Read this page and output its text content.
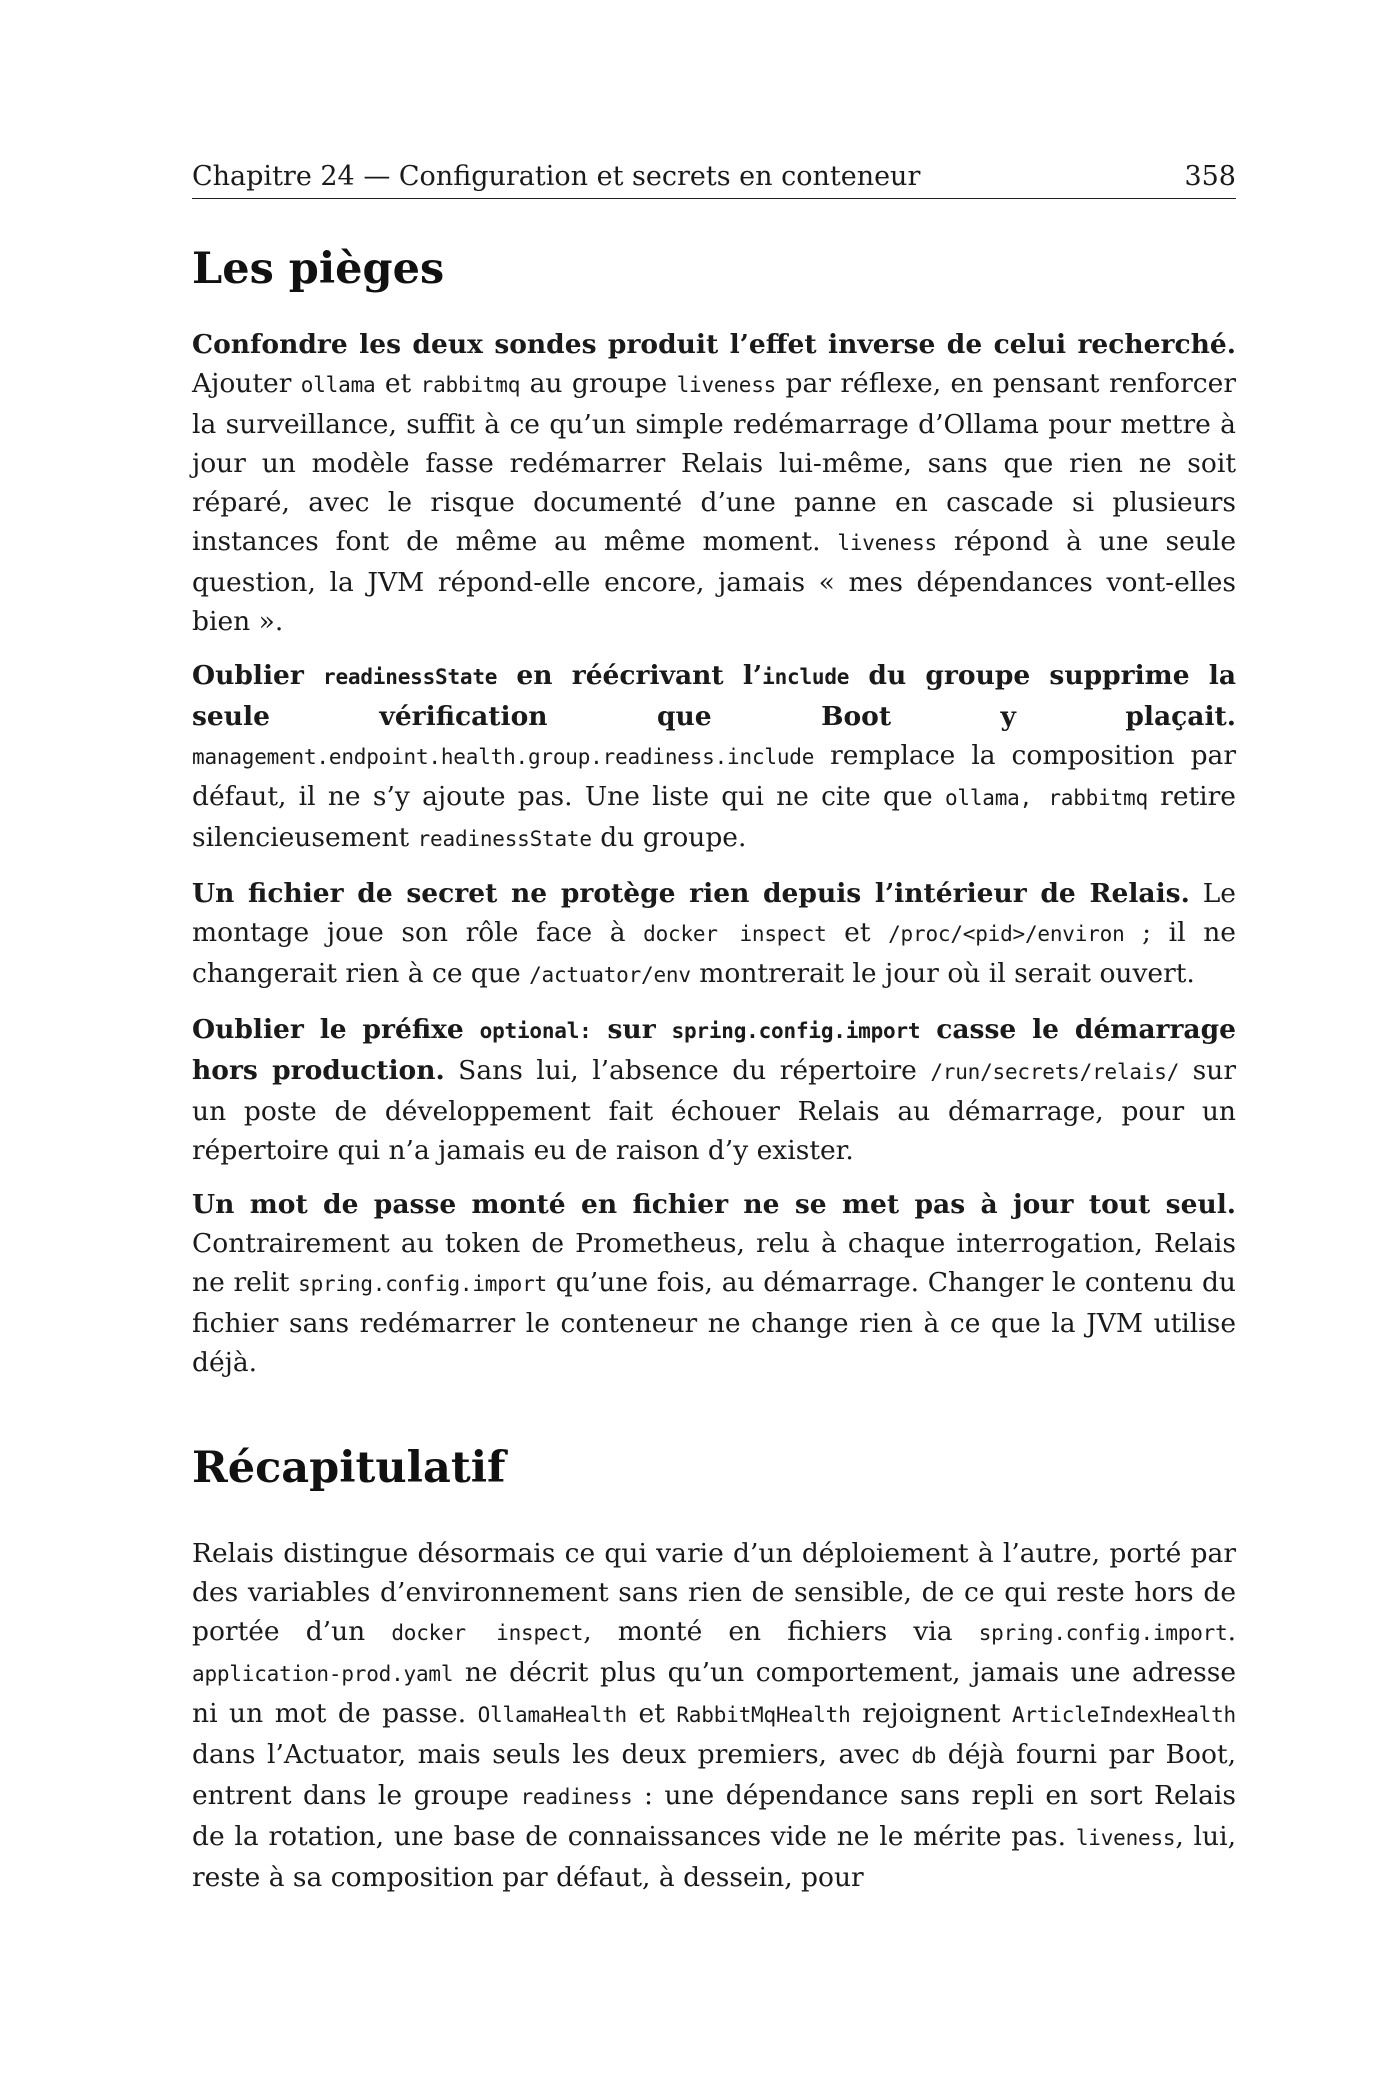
Chapitre 24 — Configuration et secrets en conteneur	358
Les pièges

Confondre les deux sondes produit l’effet inverse de celui recherché. Ajouter ollama et rabbitmq au groupe liveness par réflexe, en pensant renforcer la surveillance, suffit à ce qu’un simple redémarrage d’Ollama pour mettre à jour un modèle fasse redémarrer Relais lui-même, sans que rien ne soit réparé, avec le risque documenté d’une panne en cascade si plusieurs instances font de même au même moment. liveness répond à une seule question, la JVM répond-elle encore, jamais « mes dépendances vont-elles bien ».

Oublier readinessState en réécrivant l’include du groupe supprime la seule vérification que Boot y plaçait. management.endpoint.health.group.readiness.include remplace la composition par défaut, il ne s’y ajoute pas. Une liste qui ne cite que ollama, rabbitmq retire silencieusement readinessState du groupe.

Un fichier de secret ne protège rien depuis l’intérieur de Relais. Le montage joue son rôle face à docker inspect et /proc/<pid>/environ ; il ne changerait rien à ce que /actuator/env montrerait le jour où il serait ouvert.

Oublier le préfixe optional: sur spring.config.import casse le démarrage hors production. Sans lui, l’absence du répertoire /run/secrets/relais/ sur un poste de développement fait échouer Relais au démarrage, pour un répertoire qui n’a jamais eu de raison d’y exister.

Un mot de passe monté en fichier ne se met pas à jour tout seul. Contrairement au token de Prometheus, relu à chaque interrogation, Relais ne relit spring.config.import qu’une fois, au démarrage. Changer le contenu du fichier sans redémarrer le conteneur ne change rien à ce que la JVM utilise déjà.

Récapitulatif

Relais distingue désormais ce qui varie d’un déploiement à l’autre, porté par des variables d’environnement sans rien de sensible, de ce qui reste hors de portée d’un docker inspect, monté en fichiers via spring.config.import. application-prod.yaml ne décrit plus qu’un comportement, jamais une adresse ni un mot de passe. OllamaHealth et RabbitMqHealth rejoignent ArticleIndexHealth dans l’Actuator, mais seuls les deux premiers, avec db déjà fourni par Boot, entrent dans le groupe readiness : une dépendance sans repli en sort Relais de la rotation, une base de connaissances vide ne le mérite pas. liveness, lui, reste à sa composition par défaut, à dessein, pour
